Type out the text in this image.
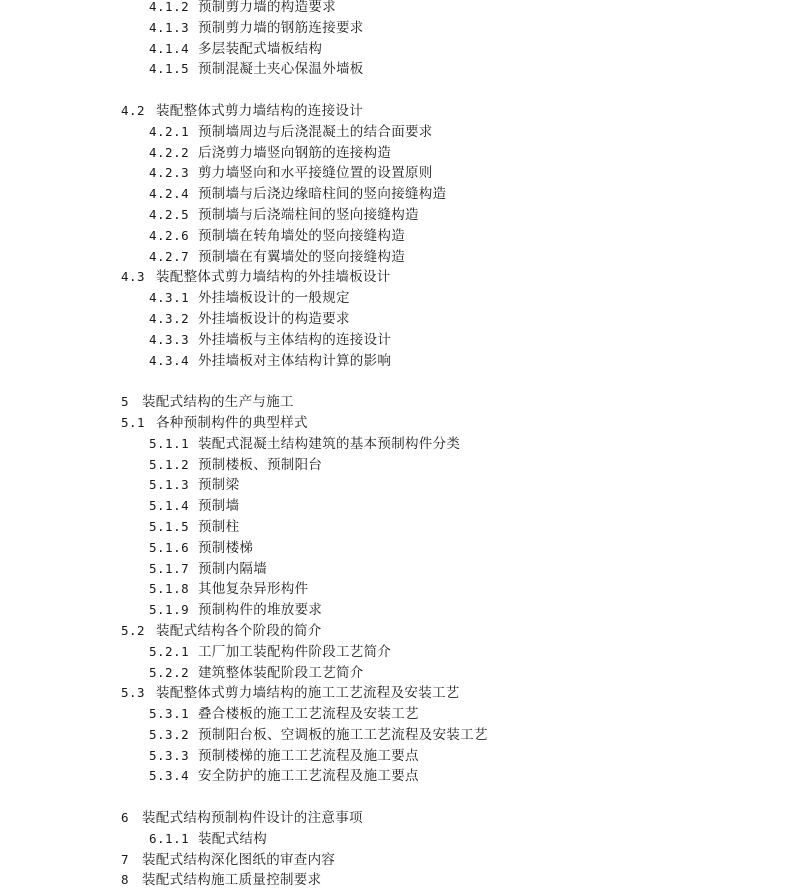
4.1.2 预制剪力墙的构造要求
4.1.3 预制剪力墙的钢筋连接要求
4.1.4 多层装配式墙板结构
4.1.5 预制混凝土夹心保温外墙板
4.2 装配整体式剪力墙结构的连接设计
4.2.1 预制墙周边与后浇混凝土的结合面要求
4.2.2 后浇剪力墙竖向钢筋的连接构造
4.2.3 剪力墙竖向和水平接缝位置的设置原则
4.2.4 预制墙与后浇边缘暗柱间的竖向接缝构造
4.2.5 预制墙与后浇端柱间的竖向接缝构造
4.2.6 预制墙在转角墙处的竖向接缝构造
4.2.7 预制墙在有翼墙处的竖向接缝构造
4.3 装配整体式剪力墙结构的外挂墙板设计
4.3.1 外挂墙板设计的一般规定
4.3.2 外挂墙板设计的构造要求
4.3.3 外挂墙板与主体结构的连接设计
4.3.4 外挂墙板对主体结构计算的影响
5 装配式结构的生产与施工
5.1 各种预制构件的典型样式
5.1.1 装配式混凝土结构建筑的基本预制构件分类
5.1.2 预制楼板、预制阳台
5.1.3 预制梁
5.1.4 预制墙
5.1.5 预制柱
5.1.6 预制楼梯
5.1.7 预制内隔墙
5.1.8 其他复杂异形构件
5.1.9 预制构件的堆放要求
5.2 装配式结构各个阶段的简介
5.2.1 工厂加工装配构件阶段工艺简介
5.2.2 建筑整体装配阶段工艺简介
5.3 装配整体式剪力墙结构的施工工艺流程及安装工艺
5.3.1 叠合楼板的施工工艺流程及安装工艺
5.3.2 预制阳台板、空调板的施工工艺流程及安装工艺
5.3.3 预制楼梯的施工工艺流程及施工要点
5.3.4 安全防护的施工工艺流程及施工要点
6 装配式结构预制构件设计的注意事项
6.1.1 装配式结构
7 装配式结构深化图纸的审查内容
8 装配式结构施工质量控制要求
